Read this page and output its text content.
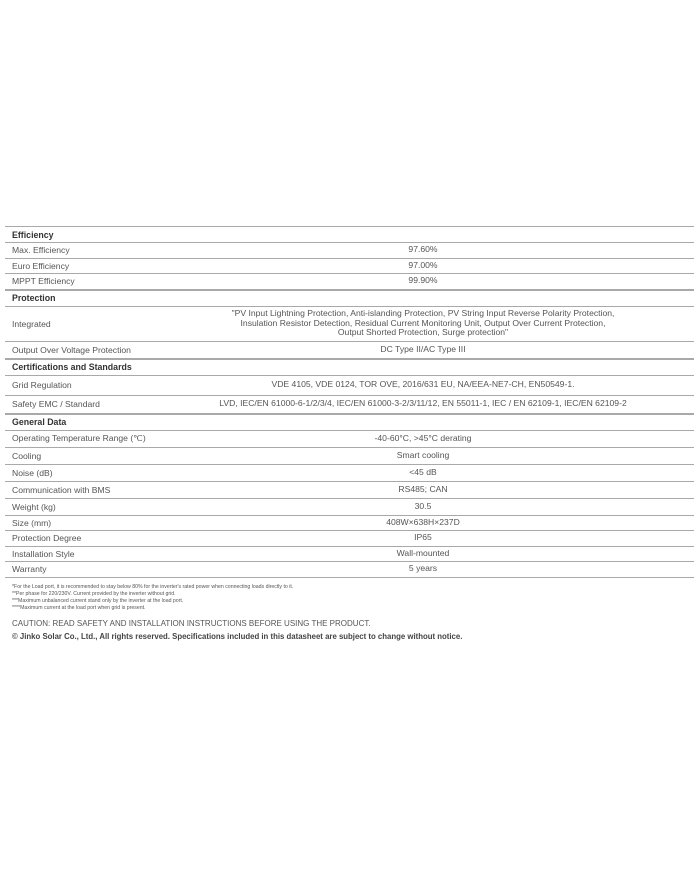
Efficiency
Max. Efficiency	97.60%
Euro Efficiency	97.00%
MPPT Efficiency	99.90%
Protection
Integrated
"PV Input Lightning Protection, Anti-islanding Protection, PV String Input Reverse Polarity Protection,
Insulation Resistor Detection, Residual Current Monitoring Unit, Output Over Current Protection,
Output Shorted Protection, Surge protection"
Output Over Voltage Protection	DC Type II/AC Type III
Certifications and Standards
Grid Regulation	VDE 4105, VDE 0124, TOR OVE, 2016/631 EU, NA/EEA-NE7-CH, EN50549-1.
Safety EMC / Standard	LVD, IEC/EN 61000-6-1/2/3/4, IEC/EN 61000-3-2/3/11/12, EN 55011-1, IEC / EN 62109-1, IEC/EN 62109-2
General Data
Operating Temperature Range (℃)	-40-60°C, >45°C derating
Cooling	Smart cooling
Noise (dB)	<45 dB
Communication with BMS	RS485; CAN
Weight (kg)	30.5
Size (mm)	408W×638H×237D
Protection Degree	IP65
Installation Style	Wall-mounted
Warranty	5 years
*For the Load port, it is recommended to stay below 80% for the inverter's rated power when connecting loads directly to it.
**Per phase for 220/230V. Current provided by the inverter without grid.
***Maximum unbalanced current stand only by the inverter at the load port.
****Maximum current at the load port when grid is present.
CAUTION: READ SAFETY AND INSTALLATION INSTRUCTIONS BEFORE USING THE PRODUCT.
© Jinko Solar Co., Ltd., All rights reserved. Specifications included in this datasheet are subject to change without notice.
